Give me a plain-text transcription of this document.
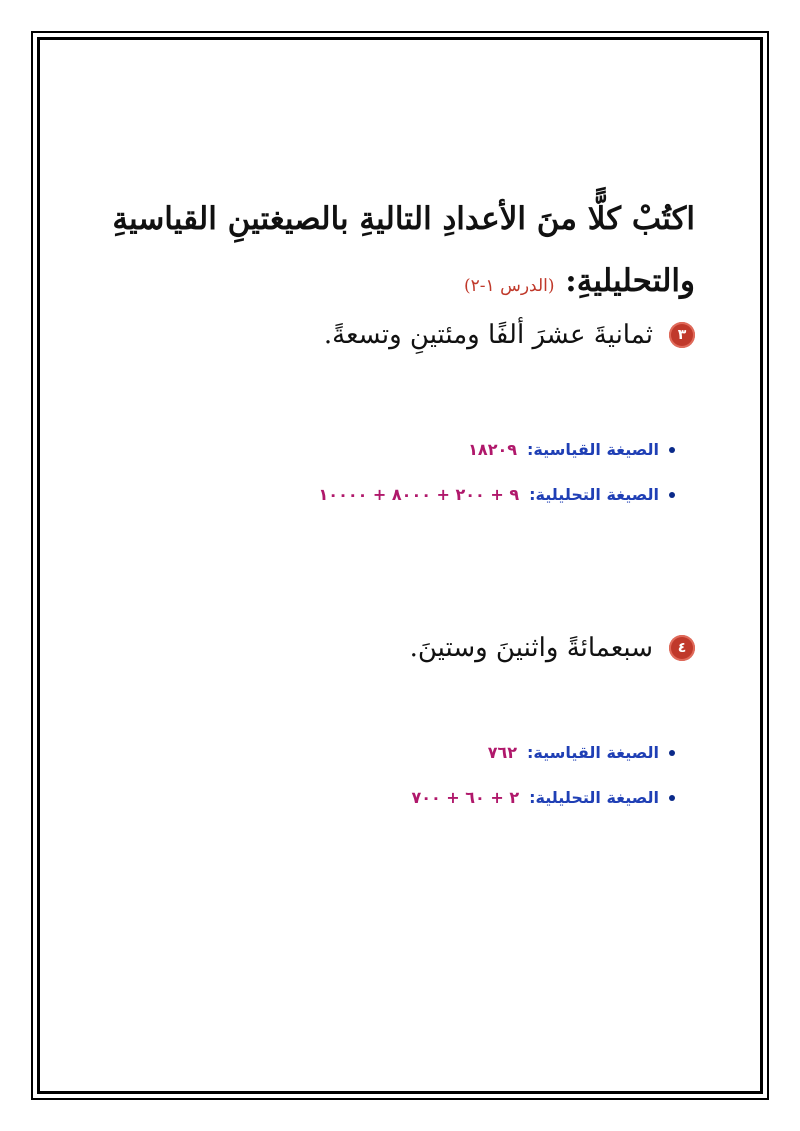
اكتُبْ كلًّا منَ الأعدادِ التاليةِ بالصيغتينِ القياسيةِ
والتحليليةِ: (الدرس ١-٢)
٣
ثمانيةَ عشرَ ألفًا ومئتينِ وتسعةً.
الصيغة القياسية:
١٨٢٠٩
الصيغة التحليلية:
٩ + ٢٠٠ + ٨٠٠٠ + ١٠٠٠٠
٤
سبعمائةً واثنينَ وستينَ.
الصيغة القياسية:
٧٦٢
الصيغة التحليلية:
٢ + ٦٠ + ٧٠٠
